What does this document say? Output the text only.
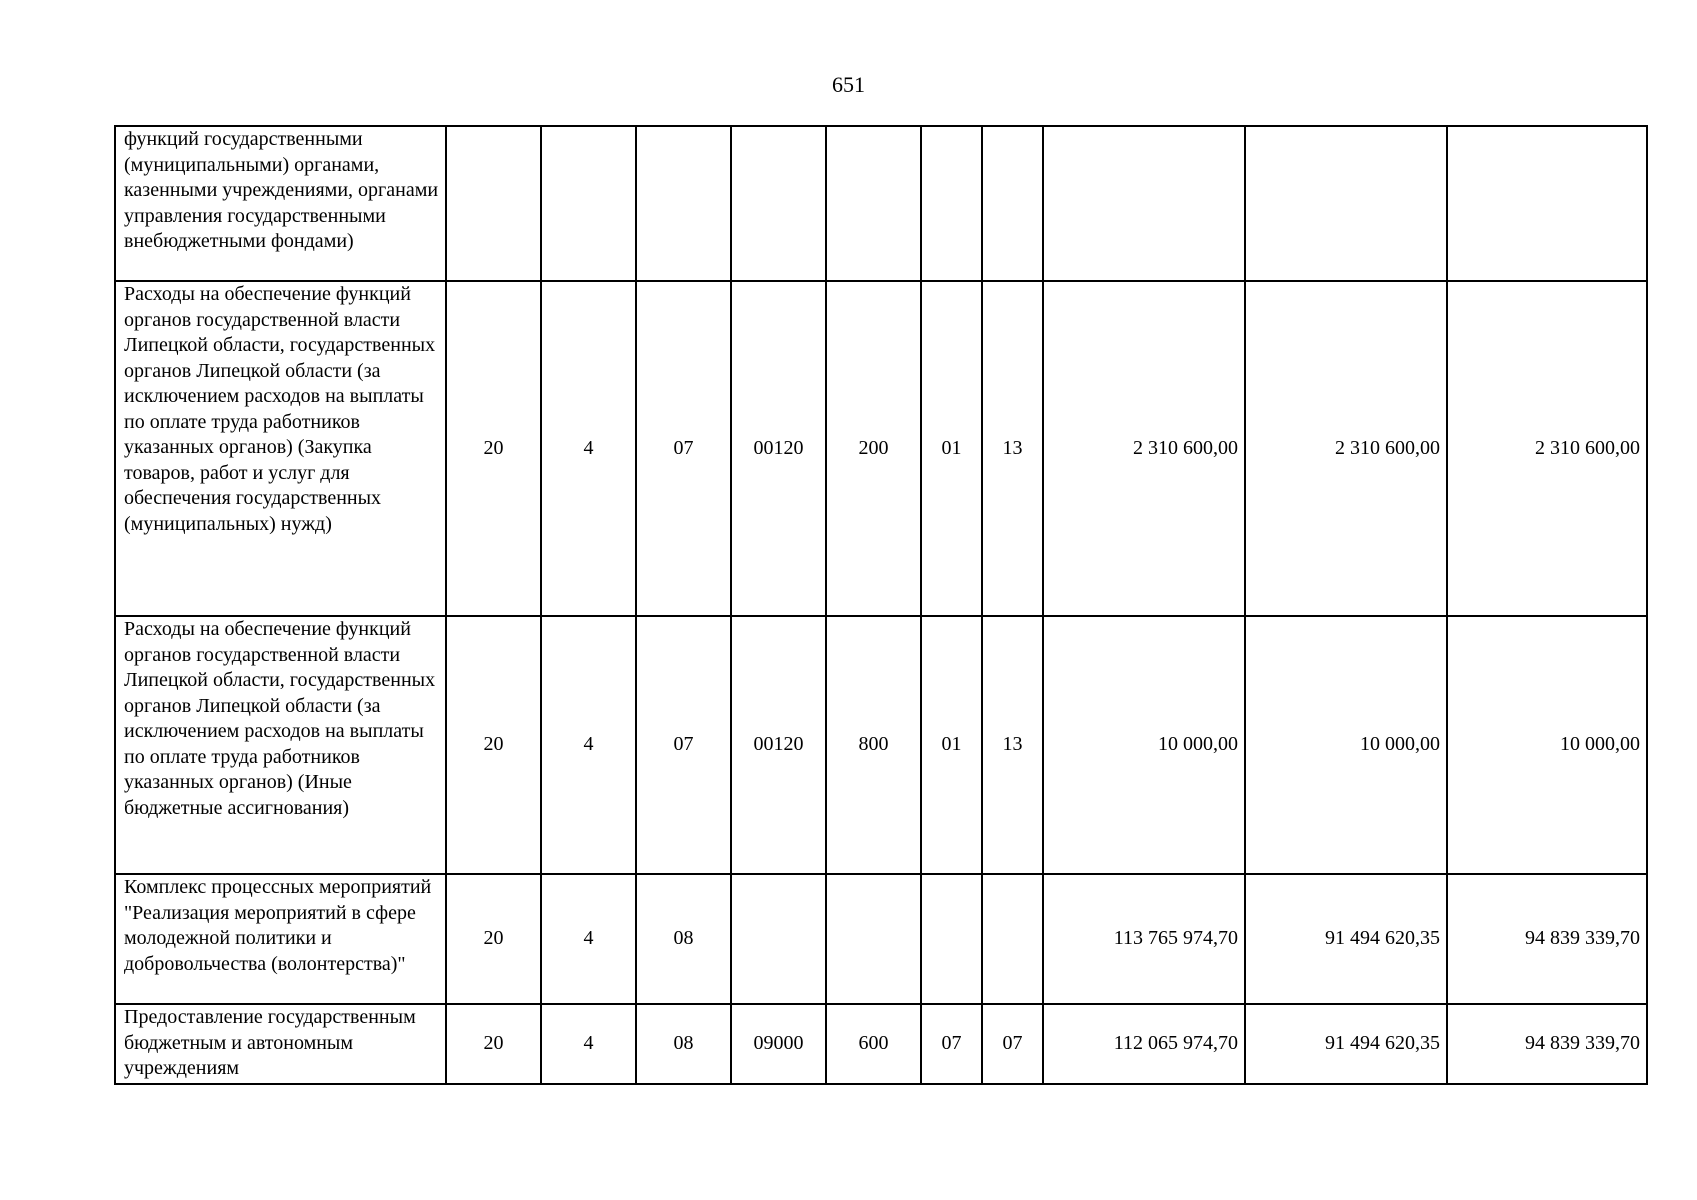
651
функций государственными (муниципальными) органами, казенными учреждениями, органами управления государственными внебюджетными фондами)										
Расходы на обеспечение функций органов государственной власти Липецкой области, государственных органов Липецкой области (за исключением расходов на выплаты по оплате труда работников указанных органов) (Закупка товаров, работ и услуг для обеспечения государственных (муниципальных) нужд)	20	4	07	00120	200	01	13	2 310 600,00	2 310 600,00	2 310 600,00
Расходы на обеспечение функций органов государственной власти Липецкой области, государственных органов Липецкой области (за исключением расходов на выплаты по оплате труда работников указанных органов) (Иные бюджетные ассигнования)	20	4	07	00120	800	01	13	10 000,00	10 000,00	10 000,00
Комплекс процессных мероприятий "Реализация мероприятий в сфере молодежной политики и добровольчества (волонтерства)"	20	4	08					113 765 974,70	91 494 620,35	94 839 339,70
Предоставление государственным бюджетным и автономным учреждениям	20	4	08	09000	600	07	07	112 065 974,70	91 494 620,35	94 839 339,70
